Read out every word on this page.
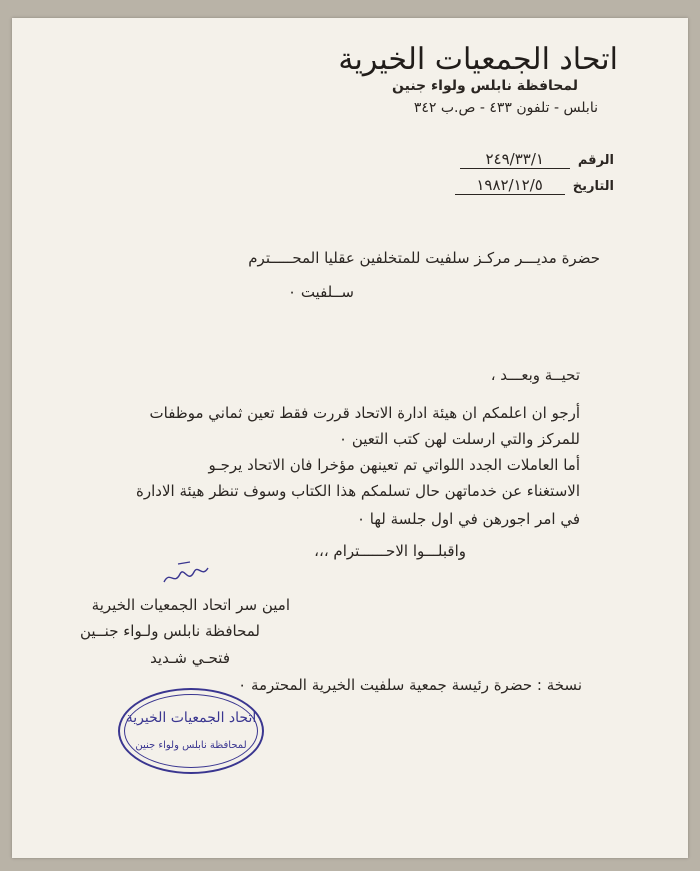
اتحاد الجمعيات الخيرية
لمحافظة نابلس ولواء جنين
نابلس - تلفون ٤٣٣ - ص.ب ٣٤٢
الرقم ٢٤٩/٣٣/١
التاريخ ١٩٨٢/١٢/٥
حضرة مديـــر مركـز سلفيت للمتخلفين عقليا المحـــــترم
ســلفيت ٠
تحيــة وبعـــد ،
أرجو ان اعلمكم ان هيئة ادارة الاتحاد قررت فقط تعين ثماني موظفات
للمركز والتي ارسلت لهن كتب التعين ٠
أما العاملات الجدد اللواتي تم تعينهن مؤخرا فان الاتحاد يرجـو
الاستغناء عن خدماتهن حال تسلمكم هذا الكتاب وسوف تنظر هيئة الادارة
في امر اجورهن في اول جلسة لها ٠
واقبلـــوا الاحــــــترام ،،،
امين سر اتحاد الجمعيات الخيرية
لمحافظة نابلس ولـواء جنــين
فتحـي شـديد
نسخة : حضرة رئيسة جمعية سلفيت الخيرية المحترمة ٠
اتحاد الجمعيات الخيرية
لمحافظة نابلس ولواء جنين
